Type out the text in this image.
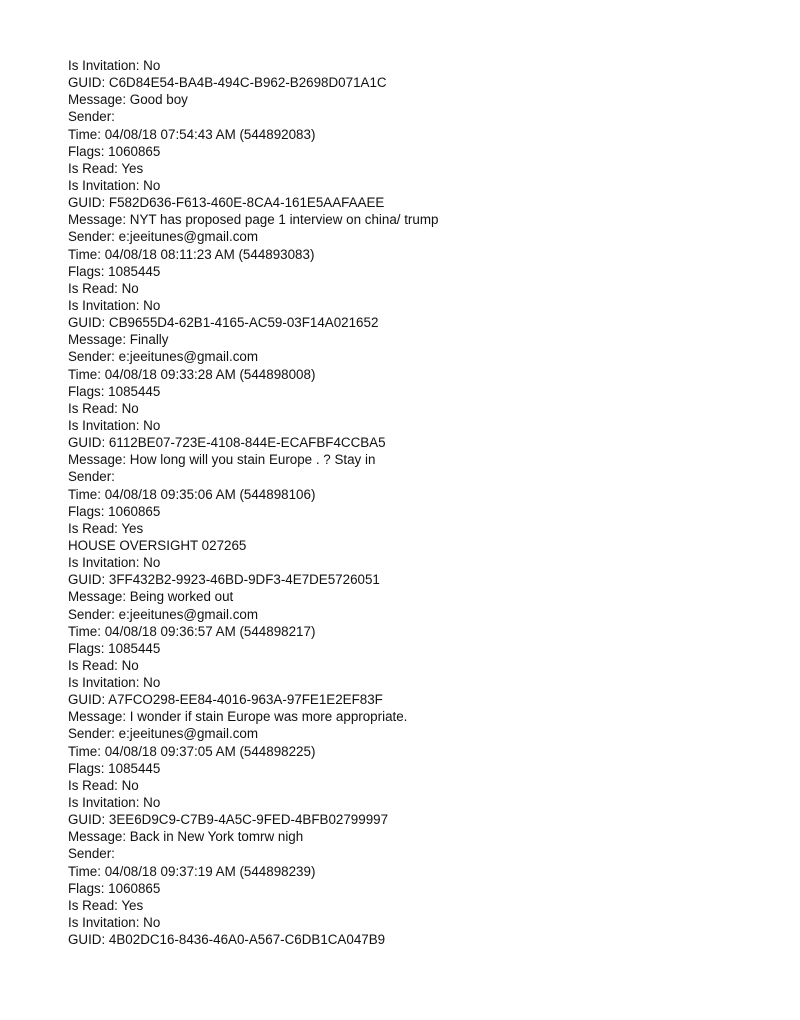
Is Invitation: No
GUID: C6D84E54-BA4B-494C-B962-B2698D071A1C
Message: Good boy
Sender:
Time: 04/08/18 07:54:43 AM (544892083)
Flags: 1060865
Is Read: Yes
Is Invitation: No
GUID: F582D636-F613-460E-8CA4-161E5AAFAAEE
Message: NYT has proposed page 1 interview on china/ trump
Sender: e:jeeitunes@gmail.com
Time: 04/08/18 08:11:23 AM (544893083)
Flags: 1085445
Is Read: No
Is Invitation: No
GUID: CB9655D4-62B1-4165-AC59-03F14A021652
Message: Finally
Sender: e:jeeitunes@gmail.com
Time: 04/08/18 09:33:28 AM (544898008)
Flags: 1085445
Is Read: No
Is Invitation: No
GUID: 6112BE07-723E-4108-844E-ECAFBF4CCBA5
Message: How long will you stain Europe . ? Stay in
Sender:
Time: 04/08/18 09:35:06 AM (544898106)
Flags: 1060865
Is Read: Yes
HOUSE OVERSIGHT 027265
Is Invitation: No
GUID: 3FF432B2-9923-46BD-9DF3-4E7DE5726051
Message: Being worked out
Sender: e:jeeitunes@gmail.com
Time: 04/08/18 09:36:57 AM (544898217)
Flags: 1085445
Is Read: No
Is Invitation: No
GUID: A7FCO298-EE84-4016-963A-97FE1E2EF83F
Message: I wonder if stain Europe was more appropriate.
Sender: e:jeeitunes@gmail.com
Time: 04/08/18 09:37:05 AM (544898225)
Flags: 1085445
Is Read: No
Is Invitation: No
GUID: 3EE6D9C9-C7B9-4A5C-9FED-4BFB02799997
Message: Back in New York tomrw nigh
Sender:
Time: 04/08/18 09:37:19 AM (544898239)
Flags: 1060865
Is Read: Yes
Is Invitation: No
GUID: 4B02DC16-8436-46A0-A567-C6DB1CA047B9
